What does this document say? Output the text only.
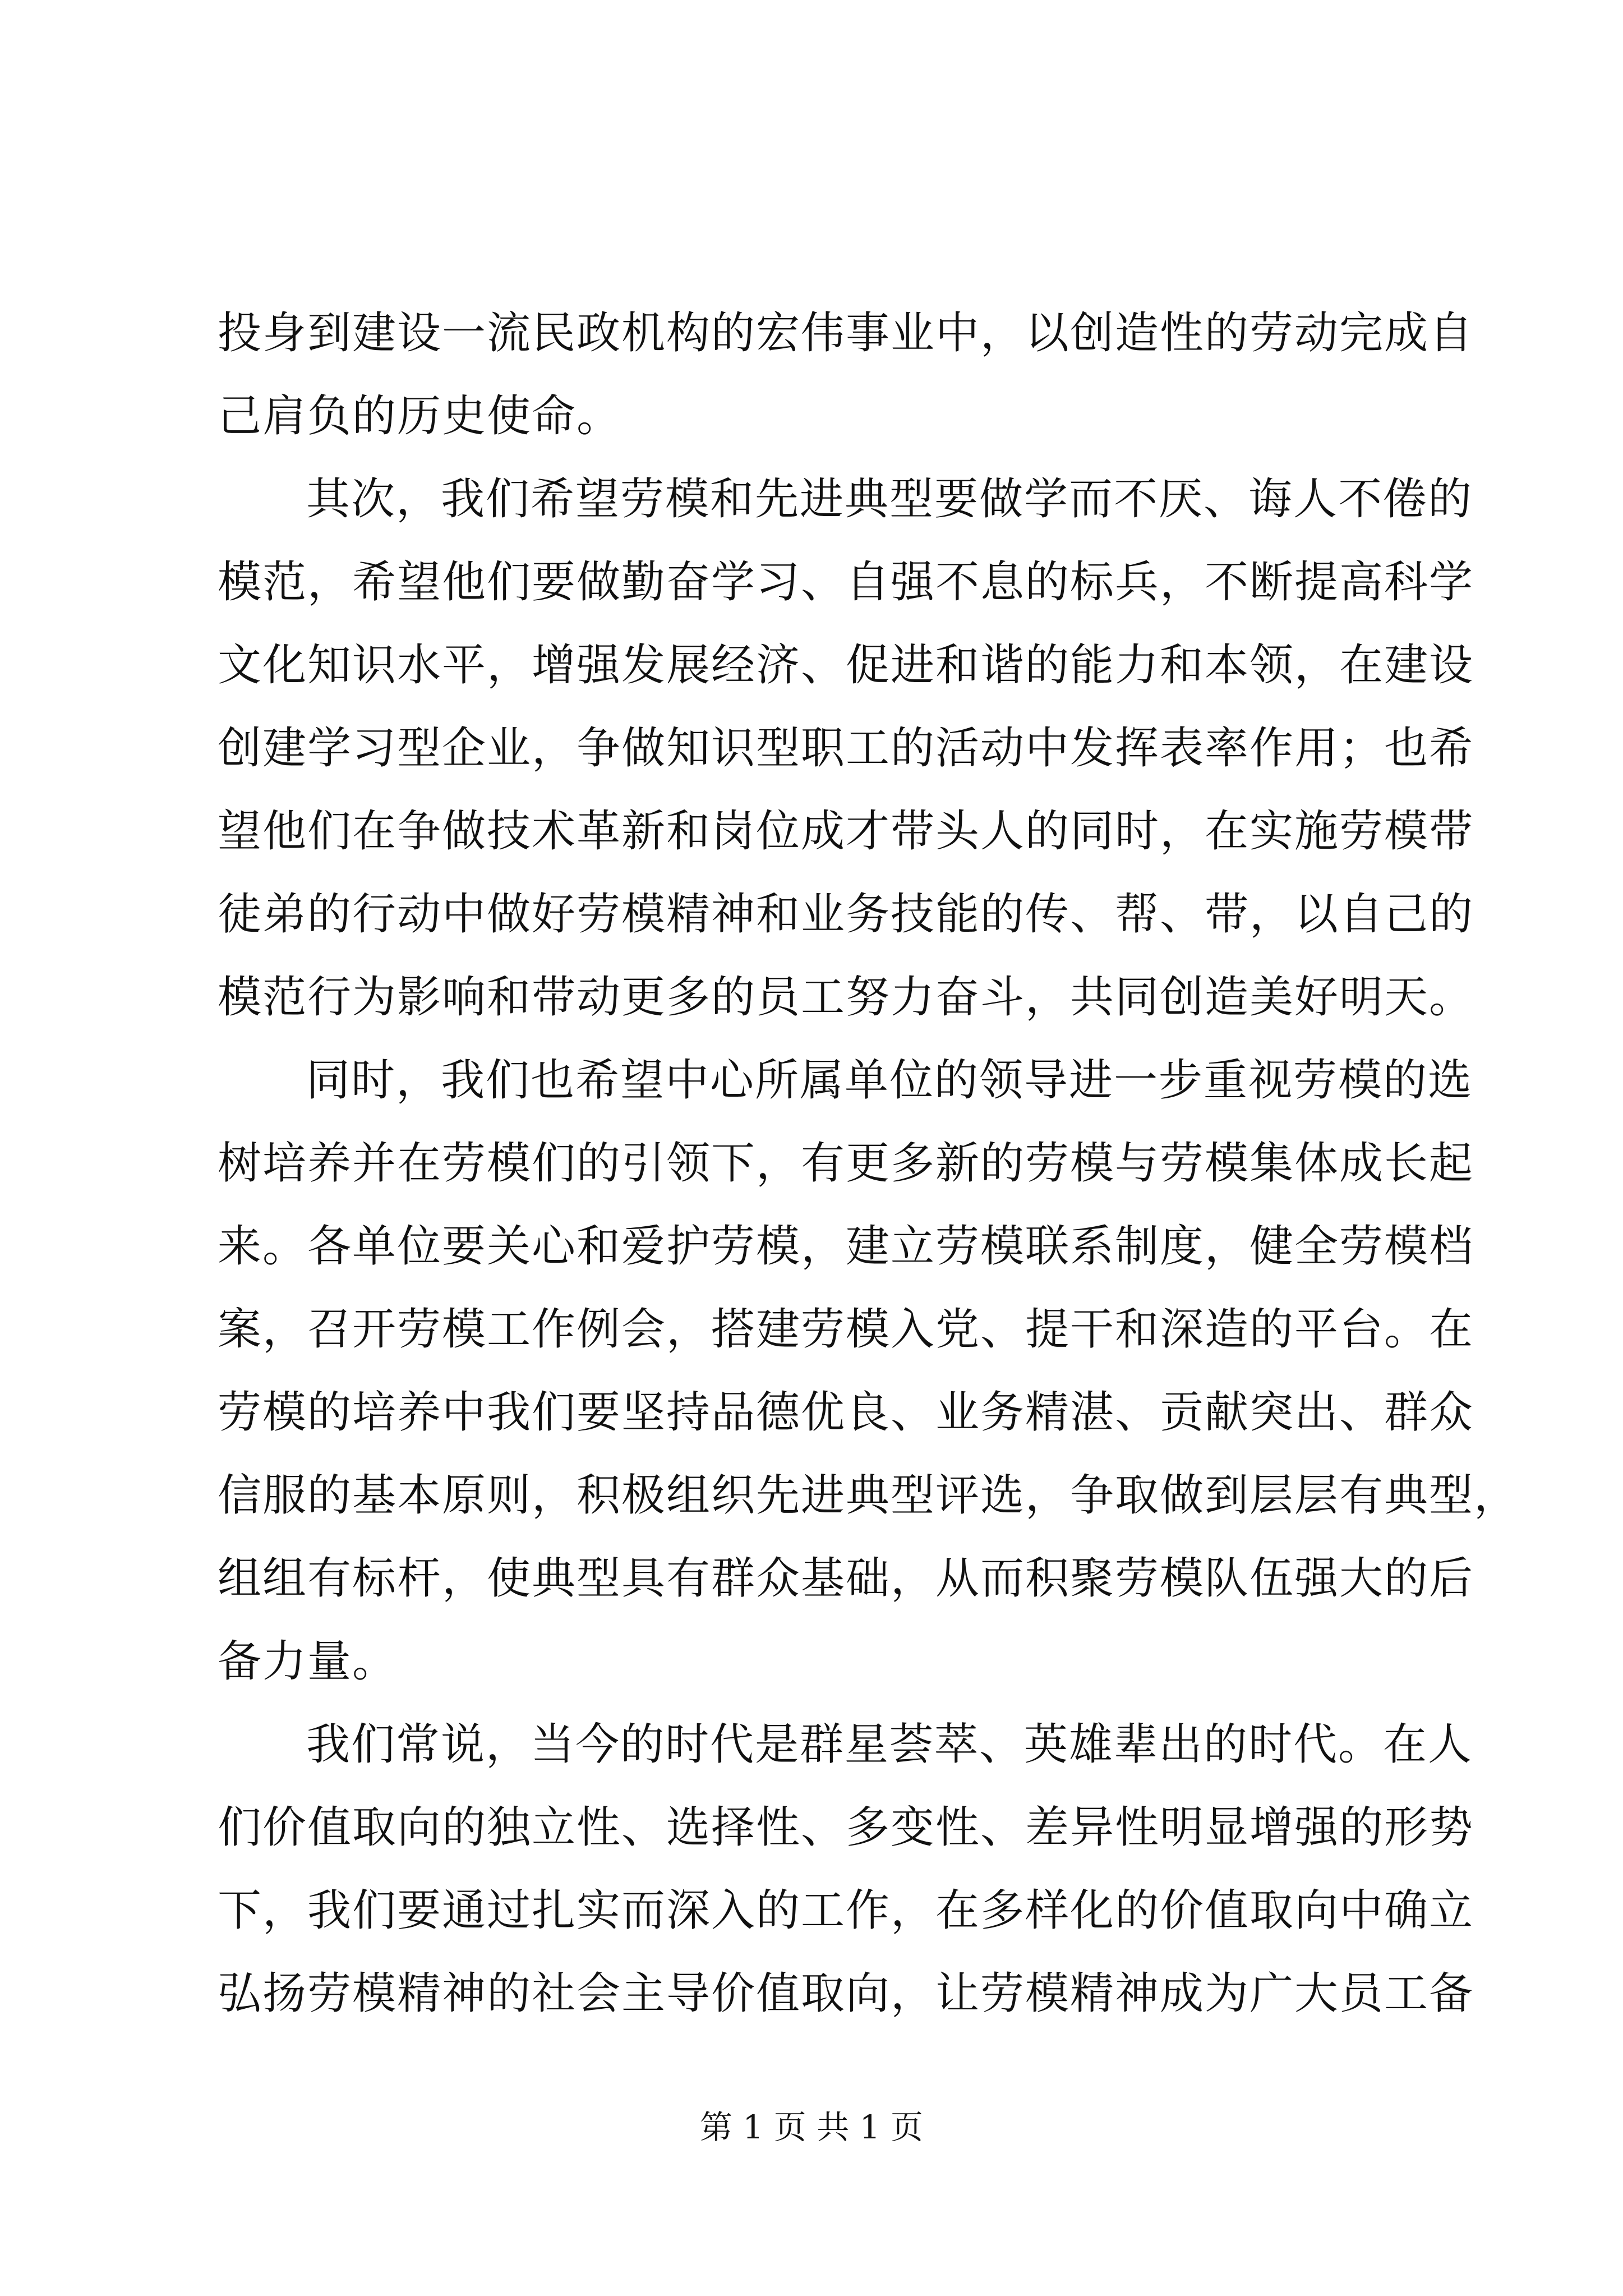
投身到建设一流民政机构的宏伟事业中，以创造性的劳动完成自
己肩负的历史使命。
其次，我们希望劳模和先进典型要做学而不厌、诲人不倦的
模范，希望他们要做勤奋学习、自强不息的标兵，不断提高科学
文化知识水平，增强发展经济、促进和谐的能力和本领，在建设
创建学习型企业，争做知识型职工的活动中发挥表率作用；也希
望他们在争做技术革新和岗位成才带头人的同时，在实施劳模带
徒弟的行动中做好劳模精神和业务技能的传、帮、带，以自己的
模范行为影响和带动更多的员工努力奋斗，共同创造美好明天。
同时，我们也希望中心所属单位的领导进一步重视劳模的选
树培养并在劳模们的引领下，有更多新的劳模与劳模集体成长起
来。各单位要关心和爱护劳模，建立劳模联系制度，健全劳模档
案，召开劳模工作例会，搭建劳模入党、提干和深造的平台。在
劳模的培养中我们要坚持品德优良、业务精湛、贡献突出、群众
信服的基本原则，积极组织先进典型评选，争取做到层层有典型，
组组有标杆，使典型具有群众基础，从而积聚劳模队伍强大的后
备力量。
我们常说，当今的时代是群星荟萃、英雄辈出的时代。在人
们价值取向的独立性、选择性、多变性、差异性明显增强的形势
下，我们要通过扎实而深入的工作，在多样化的价值取向中确立
弘扬劳模精神的社会主导价值取向，让劳模精神成为广大员工备
第 1 页 共 1 页
